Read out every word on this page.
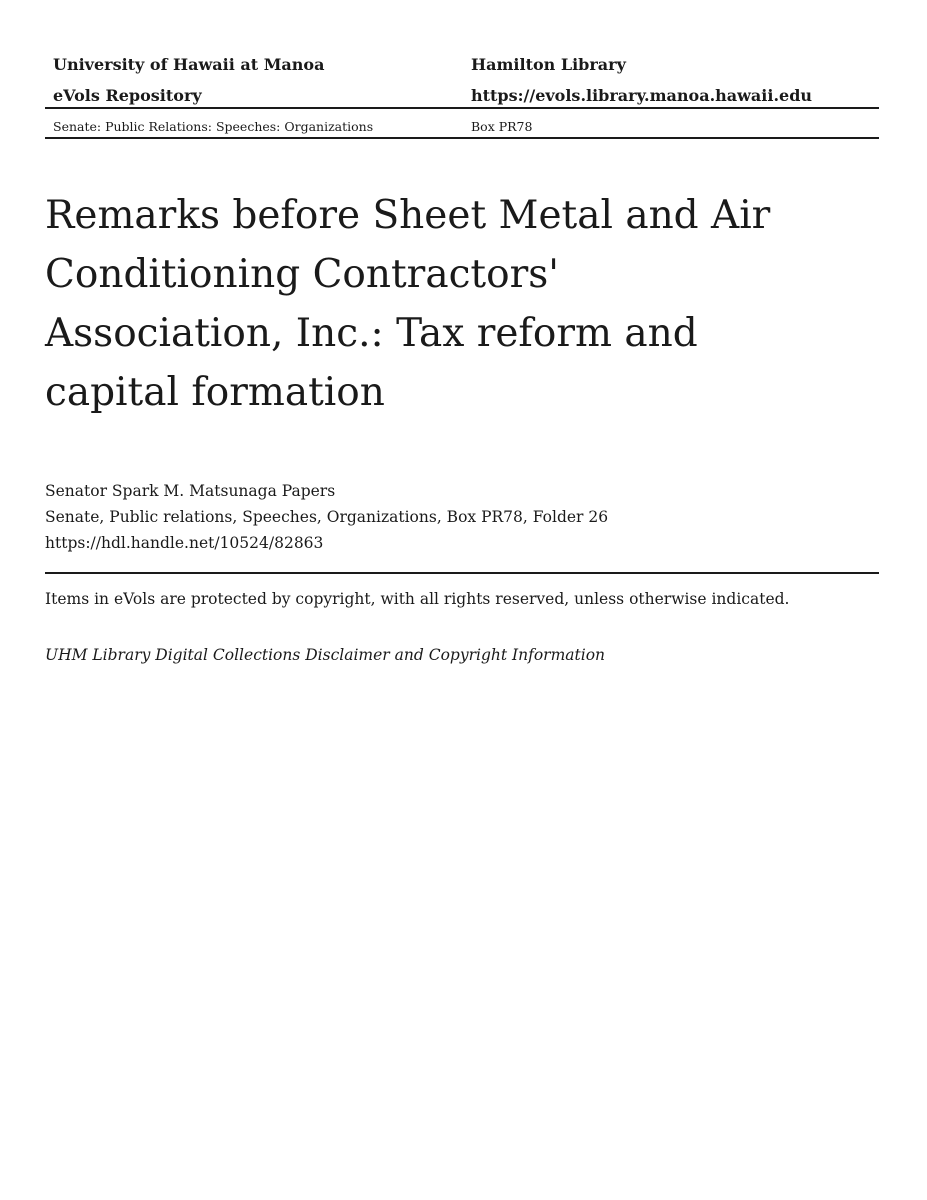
University of Hawaii at Manoa	Hamilton Library
eVols Repository	https://evols.library.manoa.hawaii.edu
Senate: Public Relations: Speeches: Organizations	Box PR78
Remarks before Sheet Metal and Air Conditioning Contractors' Association, Inc.: Tax reform and capital formation
Senator Spark M. Matsunaga Papers
Senate, Public relations, Speeches, Organizations, Box PR78, Folder 26
https://hdl.handle.net/10524/82863
Items in eVols are protected by copyright, with all rights reserved, unless otherwise indicated.
UHM Library Digital Collections Disclaimer and Copyright Information
